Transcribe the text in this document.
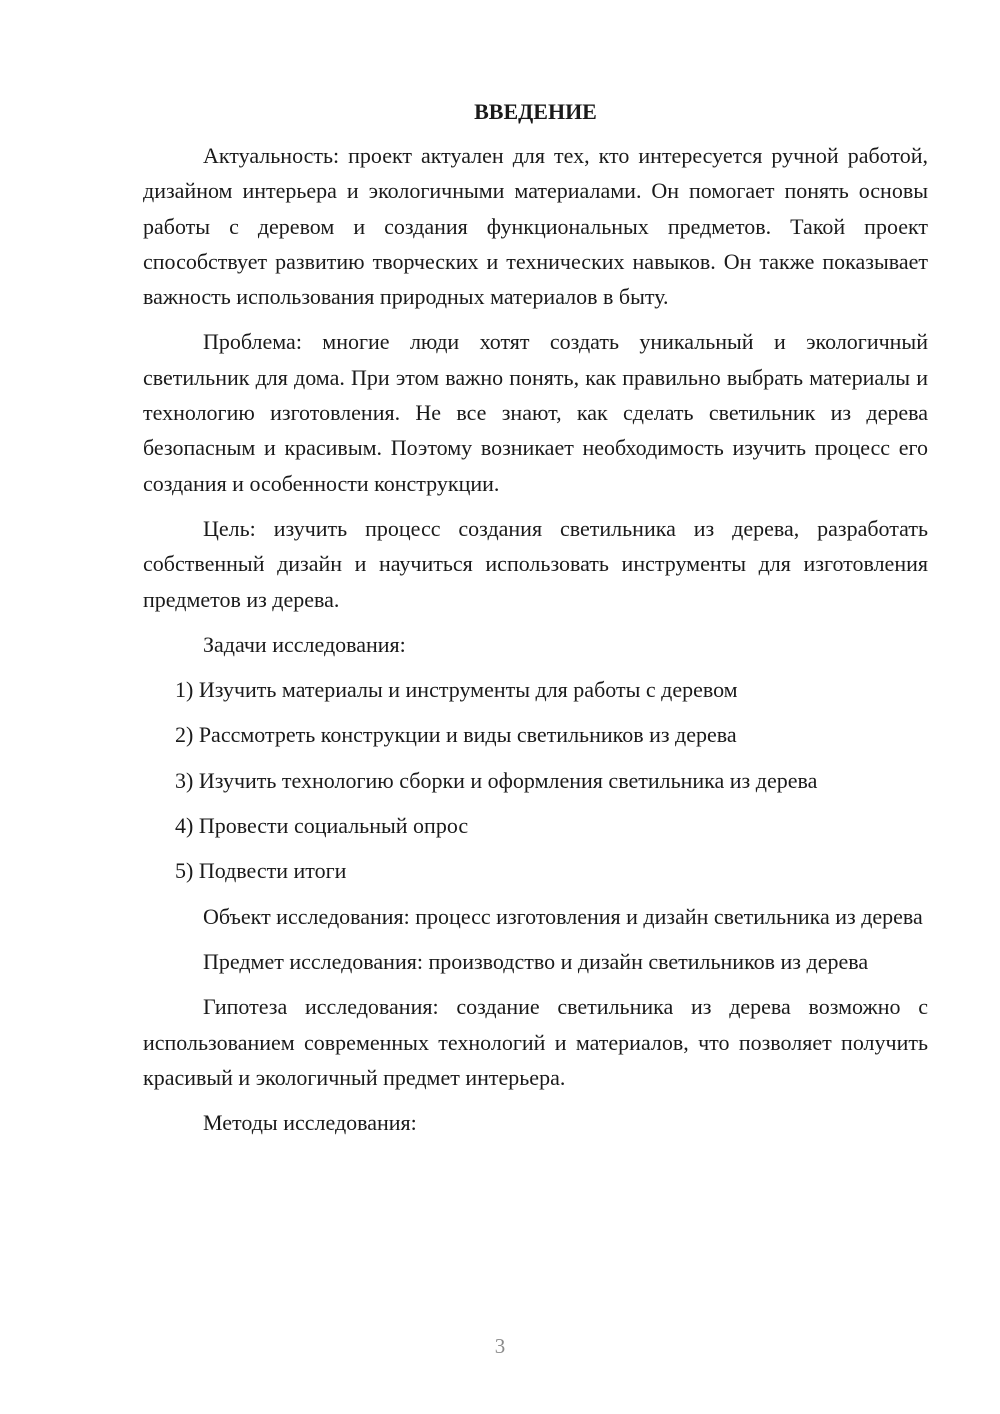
ВВЕДЕНИЕ

Актуальность: проект актуален для тех, кто интересуется ручной работой, дизайном интерьера и экологичными материалами. Он помогает понять основы работы с деревом и создания функциональных предметов. Такой проект способствует развитию творческих и технических навыков. Он также показывает важность использования природных материалов в быту.

Проблема: многие люди хотят создать уникальный и экологичный светильник для дома. При этом важно понять, как правильно выбрать материалы и технологию изготовления. Не все знают, как сделать светильник из дерева безопасным и красивым. Поэтому возникает необходимость изучить процесс его создания и особенности конструкции.

Цель: изучить процесс создания светильника из дерева, разработать собственный дизайн и научиться использовать инструменты для изготовления предметов из дерева.

Задачи исследования:

1) Изучить материалы и инструменты для работы с деревом
2) Рассмотреть конструкции и виды светильников из дерева
3) Изучить технологию сборки и оформления светильника из дерева
4) Провести социальный опрос
5) Подвести итоги

Объект исследования: процесс изготовления и дизайн светильника из дерева

Предмет исследования: производство и дизайн светильников из дерева

Гипотеза исследования: создание светильника из дерева возможно с использованием современных технологий и материалов, что позволяет получить красивый и экологичный предмет интерьера.

Методы исследования:

3
